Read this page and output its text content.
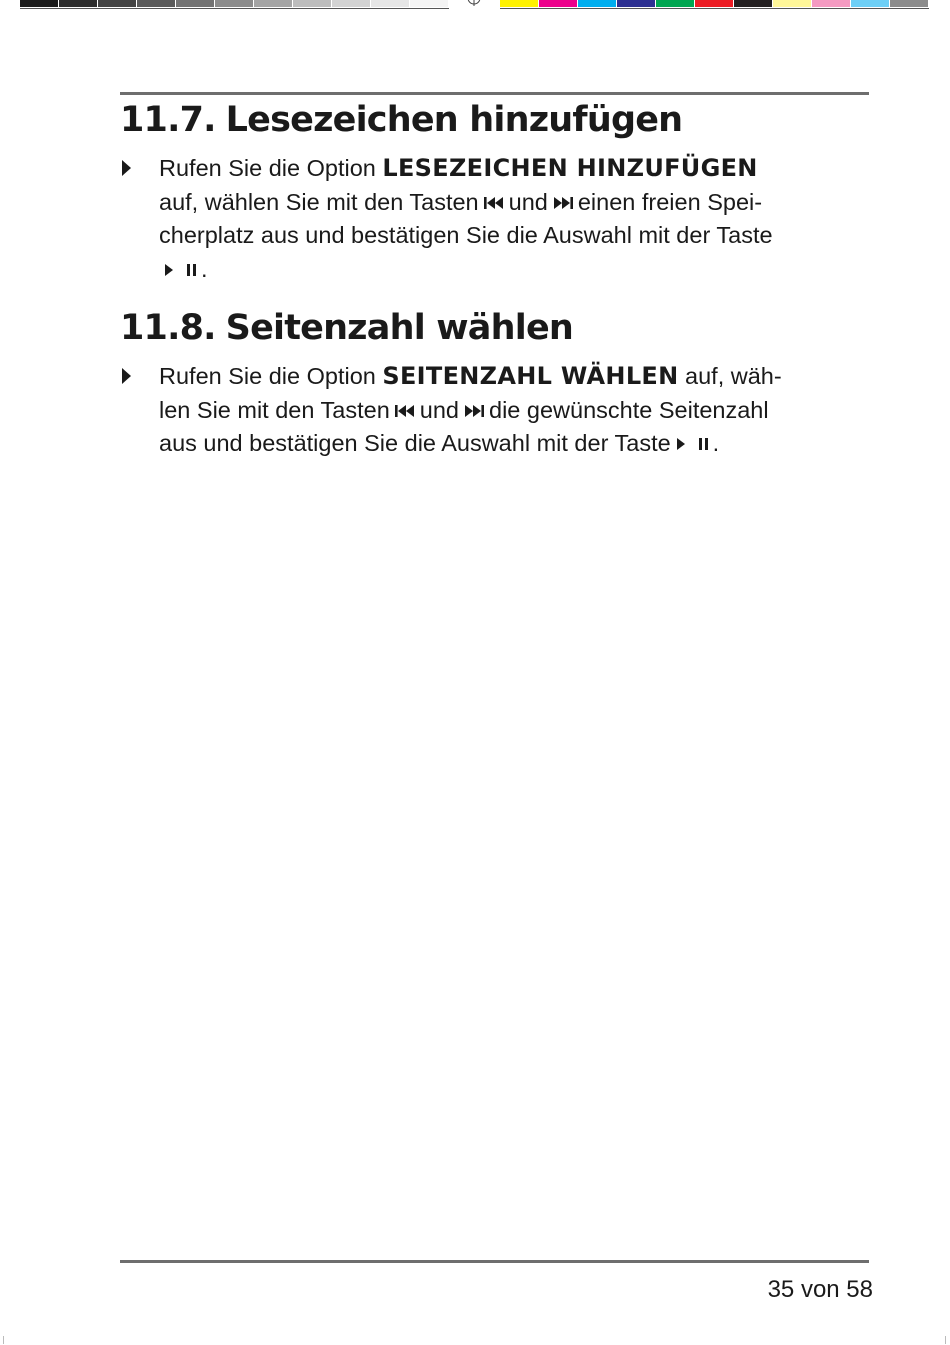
11.7. Lesezeichen hinzufügen

Rufen Sie die Option LESEZEICHEN HINZUFÜGEN
auf, wählen Sie mit den Tasten und einen freien Spei-
cherplatz aus und bestätigen Sie die Auswahl mit der Taste
.

11.8. Seitenzahl wählen

Rufen Sie die Option SEITENZAHL WÄHLEN auf, wäh-
len Sie mit den Tasten und die gewünschte Seitenzahl
aus und bestätigen Sie die Auswahl mit der Taste .

35 von 58
